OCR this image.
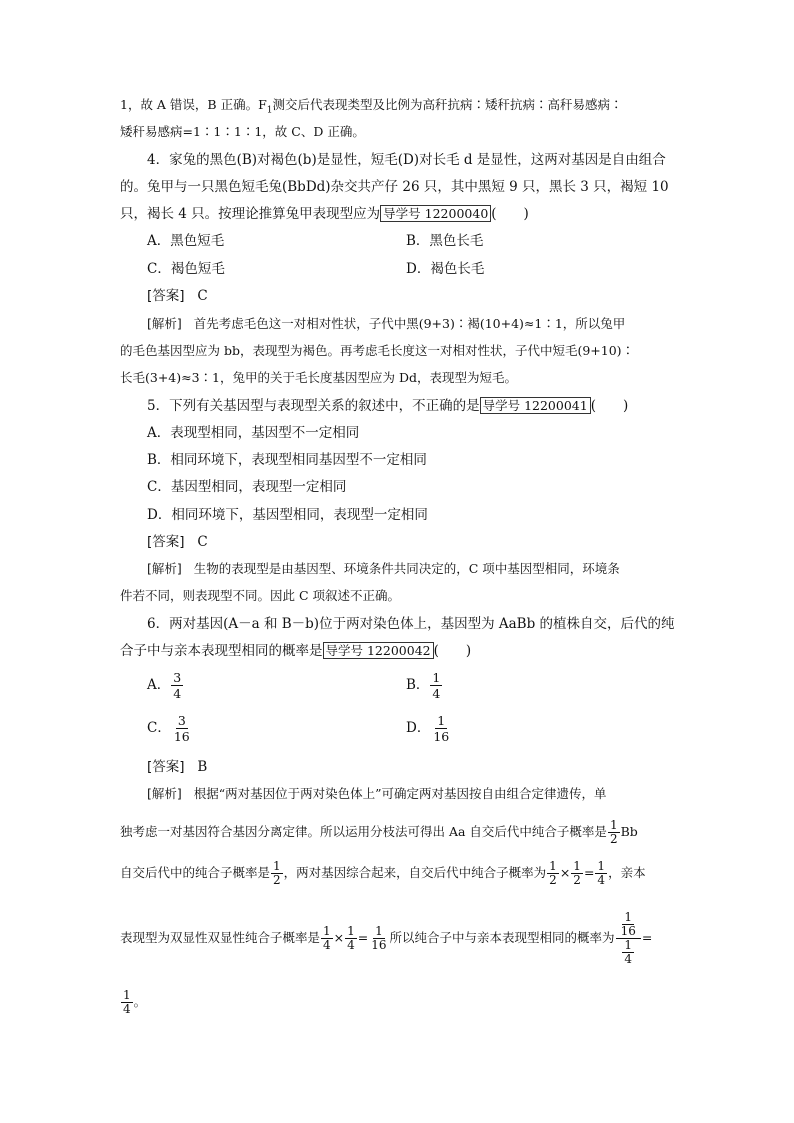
1，故 A 错误，B 正确。$F_1$测交后代表现类型及比例为高秆抗病∶矮秆抗病∶高秆易感病∶
矮秆易感病=1∶1∶1∶1，故 C、D 正确。
4．家兔的黑色(B)对褐色(b)是显性，短毛(D)对长毛 d 是显性，这两对基因是自由组合
的。兔甲与一只黑色短毛兔(BbDd)杂交共产仔 26 只，其中黑短 9 只，黑长 3 只，褐短 10
只，褐长 4 只。按理论推算兔甲表现型应为 导学号 12200040 (　　)
A．黑色短毛	B．黑色长毛
C．褐色短毛	D．褐色长毛
[答案] C
[解析] 首先考虑毛色这一对相对性状，子代中黑(9+3)∶褐(10+4)≈1∶1，所以兔甲
的毛色基因型应为 bb，表现型为褐色。再考虑毛长度这一对相对性状，子代中短毛(9+10)∶
长毛(3+4)≈3∶1，兔甲的关于毛长度基因型应为 Dd，表现型为短毛。
5．下列有关基因型与表现型关系的叙述中，不正确的是 导学号 12200041 (　　)
A．表现型相同，基因型不一定相同
B．相同环境下，表现型相同基因型不一定相同
C．基因型相同，表现型一定相同
D．相同环境下，基因型相同，表现型一定相同
[答案] C
[解析] 生物的表现型是由基因型、环境条件共同决定的，C 项中基因型相同，环境条
件若不同，则表现型不同。因此 C 项叙述不正确。
6．两对基因(A－a 和 B－b)位于两对染色体上，基因型为 AaBb 的植株自交，后代的纯
合子中与亲本表现型相同的概率是 导学号 12200042 (　　)
A． $\frac{3}{4}$	B． $\frac{1}{4}$
C． $\frac{3}{16}$	D． $\frac{1}{16}$
[答案] B
[解析] 根据“两对基因位于两对染色体上”可确定两对基因按自由组合定律遗传，单
独考虑一对基因符合基因分离定律。所以运用分枝法可得出 Aa 自交后代中纯合子概率是 $\frac{1}{2}$ Bb
自交后代中的纯合子概率是 $\frac{1}{2}$ ，两对基因综合起来，自交后代中纯合子概率为 $\frac{1}{2} \times \frac{1}{2} = \frac{1}{4}$ ，亲本
表现型为双显性双显性纯合子概率是 $\frac{1}{4} \times \frac{1}{4} = \frac{1}{16}$ 所以纯合子中与亲本表现型相同的概率为 $\frac{\frac{1}{16}}{\frac{1}{4}}$ =
$\frac{1}{4}$ 。
